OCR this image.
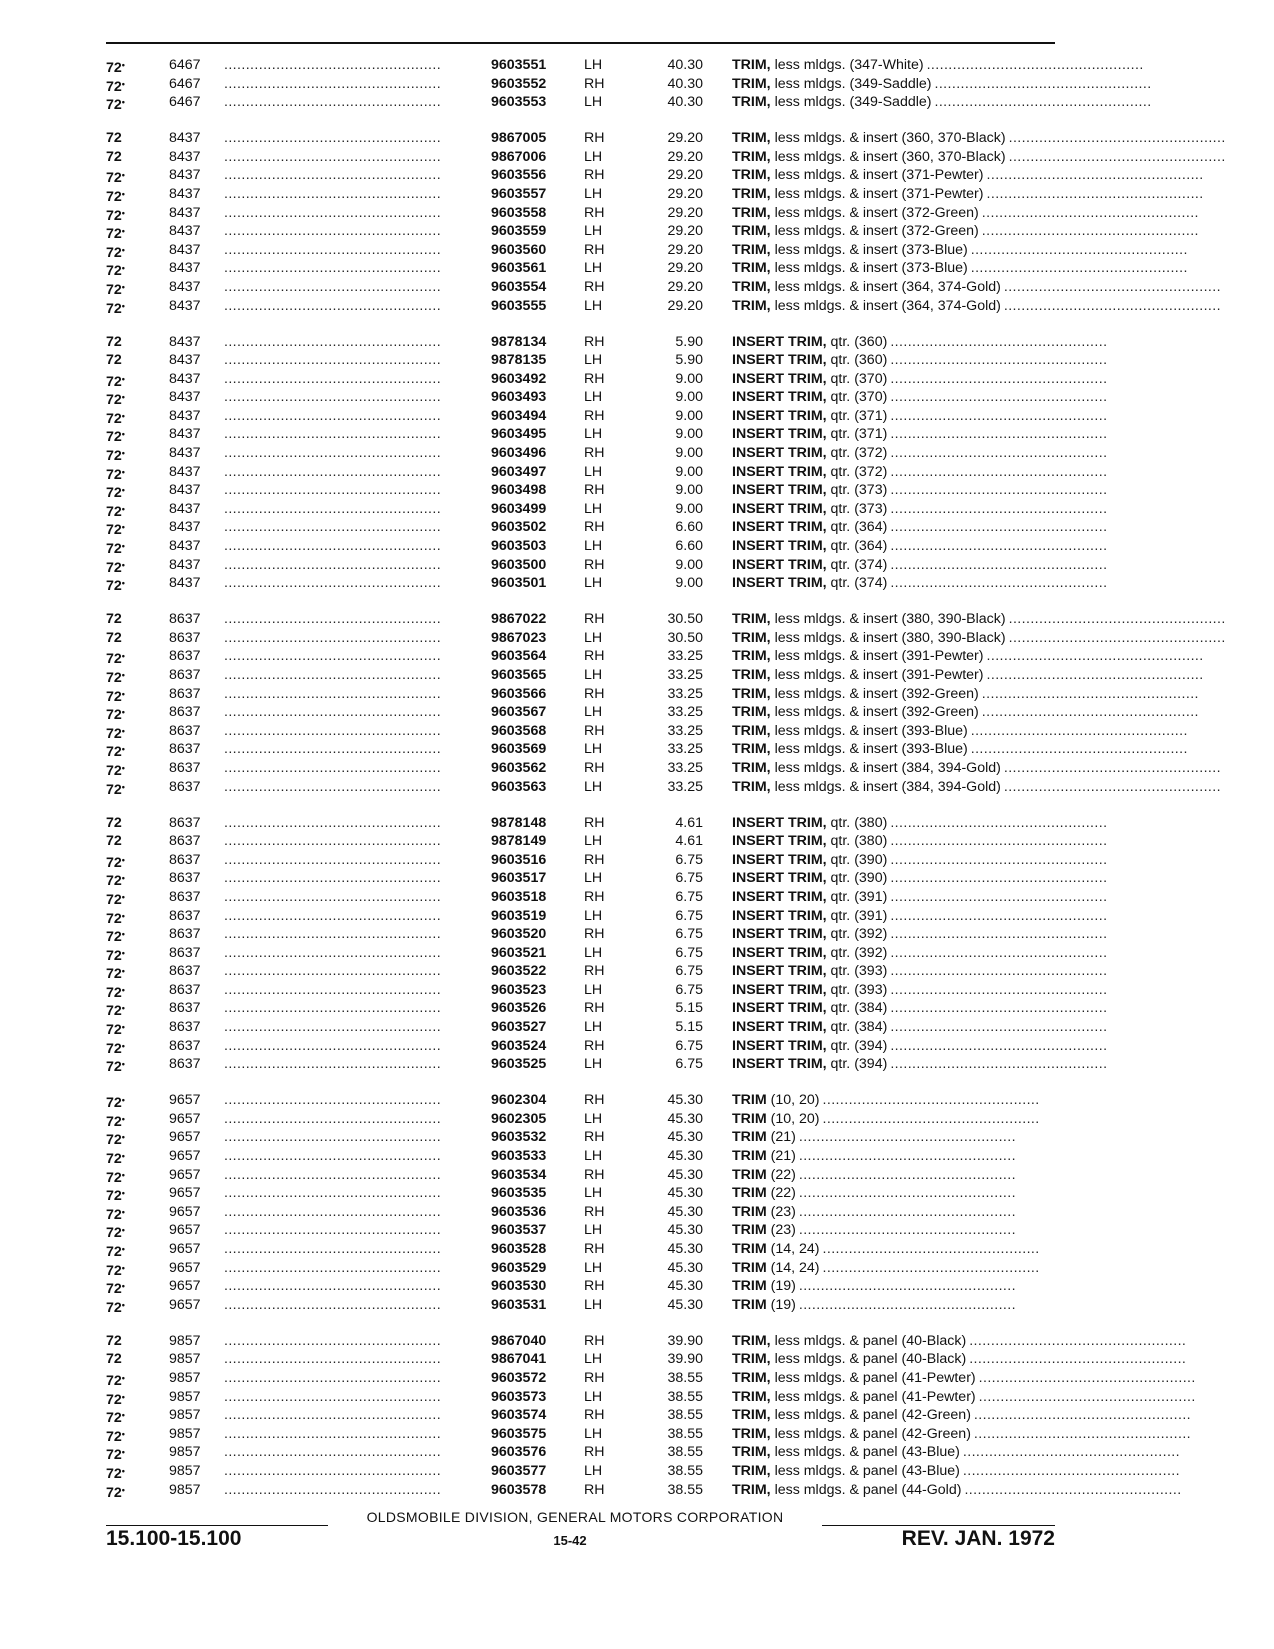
72•	6467	..................................................	9603551	LH	40.30 TRIM, less mldgs. (347-White) ..................................................
72•	6467	..................................................	9603552	RH	40.30 TRIM, less mldgs. (349-Saddle) ..................................................
72•	6467	..................................................	9603553	LH	40.30 TRIM, less mldgs. (349-Saddle) ..................................................
72	8437	..................................................	9867005	RH	29.20 TRIM, less mldgs. & insert (360, 370-Black) ..................................................
72	8437	..................................................	9867006	LH	29.20 TRIM, less mldgs. & insert (360, 370-Black) ..................................................
72•	8437	..................................................	9603556	RH	29.20 TRIM, less mldgs. & insert (371-Pewter) ..................................................
72•	8437	..................................................	9603557	LH	29.20 TRIM, less mldgs. & insert (371-Pewter) ..................................................
72•	8437	..................................................	9603558	RH	29.20 TRIM, less mldgs. & insert (372-Green) ..................................................
72•	8437	..................................................	9603559	LH	29.20 TRIM, less mldgs. & insert (372-Green) ..................................................
72•	8437	..................................................	9603560	RH	29.20 TRIM, less mldgs. & insert (373-Blue) ..................................................
72•	8437	..................................................	9603561	LH	29.20 TRIM, less mldgs. & insert (373-Blue) ..................................................
72•	8437	..................................................	9603554	RH	29.20 TRIM, less mldgs. & insert (364, 374-Gold) ..................................................
72•	8437	..................................................	9603555	LH	29.20 TRIM, less mldgs. & insert (364, 374-Gold) ..................................................
72	8437	..................................................	9878134	RH	5.90 INSERT TRIM, qtr. (360) ..................................................
72	8437	..................................................	9878135	LH	5.90 INSERT TRIM, qtr. (360) ..................................................
72•	8437	..................................................	9603492	RH	9.00 INSERT TRIM, qtr. (370) ..................................................
72•	8437	..................................................	9603493	LH	9.00 INSERT TRIM, qtr. (370) ..................................................
72•	8437	..................................................	9603494	RH	9.00 INSERT TRIM, qtr. (371) ..................................................
72•	8437	..................................................	9603495	LH	9.00 INSERT TRIM, qtr. (371) ..................................................
72•	8437	..................................................	9603496	RH	9.00 INSERT TRIM, qtr. (372) ..................................................
72•	8437	..................................................	9603497	LH	9.00 INSERT TRIM, qtr. (372) ..................................................
72•	8437	..................................................	9603498	RH	9.00 INSERT TRIM, qtr. (373) ..................................................
72•	8437	..................................................	9603499	LH	9.00 INSERT TRIM, qtr. (373) ..................................................
72•	8437	..................................................	9603502	RH	6.60 INSERT TRIM, qtr. (364) ..................................................
72•	8437	..................................................	9603503	LH	6.60 INSERT TRIM, qtr. (364) ..................................................
72•	8437	..................................................	9603500	RH	9.00 INSERT TRIM, qtr. (374) ..................................................
72•	8437	..................................................	9603501	LH	9.00 INSERT TRIM, qtr. (374) ..................................................
72	8637	..................................................	9867022	RH	30.50 TRIM, less mldgs. & insert (380, 390-Black) ..................................................
72	8637	..................................................	9867023	LH	30.50 TRIM, less mldgs. & insert (380, 390-Black) ..................................................
72•	8637	..................................................	9603564	RH	33.25 TRIM, less mldgs. & insert (391-Pewter) ..................................................
72•	8637	..................................................	9603565	LH	33.25 TRIM, less mldgs. & insert (391-Pewter) ..................................................
72•	8637	..................................................	9603566	RH	33.25 TRIM, less mldgs. & insert (392-Green) ..................................................
72•	8637	..................................................	9603567	LH	33.25 TRIM, less mldgs. & insert (392-Green) ..................................................
72•	8637	..................................................	9603568	RH	33.25 TRIM, less mldgs. & insert (393-Blue) ..................................................
72•	8637	..................................................	9603569	LH	33.25 TRIM, less mldgs. & insert (393-Blue) ..................................................
72•	8637	..................................................	9603562	RH	33.25 TRIM, less mldgs. & insert (384, 394-Gold) ..................................................
72•	8637	..................................................	9603563	LH	33.25 TRIM, less mldgs. & insert (384, 394-Gold) ..................................................
72	8637	..................................................	9878148	RH	4.61 INSERT TRIM, qtr. (380) ..................................................
72	8637	..................................................	9878149	LH	4.61 INSERT TRIM, qtr. (380) ..................................................
72•	8637	..................................................	9603516	RH	6.75 INSERT TRIM, qtr. (390) ..................................................
72•	8637	..................................................	9603517	LH	6.75 INSERT TRIM, qtr. (390) ..................................................
72•	8637	..................................................	9603518	RH	6.75 INSERT TRIM, qtr. (391) ..................................................
72•	8637	..................................................	9603519	LH	6.75 INSERT TRIM, qtr. (391) ..................................................
72•	8637	..................................................	9603520	RH	6.75 INSERT TRIM, qtr. (392) ..................................................
72•	8637	..................................................	9603521	LH	6.75 INSERT TRIM, qtr. (392) ..................................................
72•	8637	..................................................	9603522	RH	6.75 INSERT TRIM, qtr. (393) ..................................................
72•	8637	..................................................	9603523	LH	6.75 INSERT TRIM, qtr. (393) ..................................................
72•	8637	..................................................	9603526	RH	5.15 INSERT TRIM, qtr. (384) ..................................................
72•	8637	..................................................	9603527	LH	5.15 INSERT TRIM, qtr. (384) ..................................................
72•	8637	..................................................	9603524	RH	6.75 INSERT TRIM, qtr. (394) ..................................................
72•	8637	..................................................	9603525	LH	6.75 INSERT TRIM, qtr. (394) ..................................................
72•	9657	..................................................	9602304	RH	45.30 TRIM (10, 20) ..................................................
72•	9657	..................................................	9602305	LH	45.30 TRIM (10, 20) ..................................................
72•	9657	..................................................	9603532	RH	45.30 TRIM (21) ..................................................
72•	9657	..................................................	9603533	LH	45.30 TRIM (21) ..................................................
72•	9657	..................................................	9603534	RH	45.30 TRIM (22) ..................................................
72•	9657	..................................................	9603535	LH	45.30 TRIM (22) ..................................................
72•	9657	..................................................	9603536	RH	45.30 TRIM (23) ..................................................
72•	9657	..................................................	9603537	LH	45.30 TRIM (23) ..................................................
72•	9657	..................................................	9603528	RH	45.30 TRIM (14, 24) ..................................................
72•	9657	..................................................	9603529	LH	45.30 TRIM (14, 24) ..................................................
72•	9657	..................................................	9603530	RH	45.30 TRIM (19) ..................................................
72•	9657	..................................................	9603531	LH	45.30 TRIM (19) ..................................................
72	9857	..................................................	9867040	RH	39.90 TRIM, less mldgs. & panel (40-Black) ..................................................
72	9857	..................................................	9867041	LH	39.90 TRIM, less mldgs. & panel (40-Black) ..................................................
72•	9857	..................................................	9603572	RH	38.55 TRIM, less mldgs. & panel (41-Pewter) ..................................................
72•	9857	..................................................	9603573	LH	38.55 TRIM, less mldgs. & panel (41-Pewter) ..................................................
72•	9857	..................................................	9603574	RH	38.55 TRIM, less mldgs. & panel (42-Green) ..................................................
72•	9857	..................................................	9603575	LH	38.55 TRIM, less mldgs. & panel (42-Green) ..................................................
72•	9857	..................................................	9603576	RH	38.55 TRIM, less mldgs. & panel (43-Blue) ..................................................
72•	9857	..................................................	9603577	LH	38.55 TRIM, less mldgs. & panel (43-Blue) ..................................................
72•	9857	..................................................	9603578	RH	38.55 TRIM, less mldgs. & panel (44-Gold) ..................................................
OLDSMOBILE DIVISION, GENERAL MOTORS CORPORATION
15.100-15.100	15-42	REV. JAN. 1972
